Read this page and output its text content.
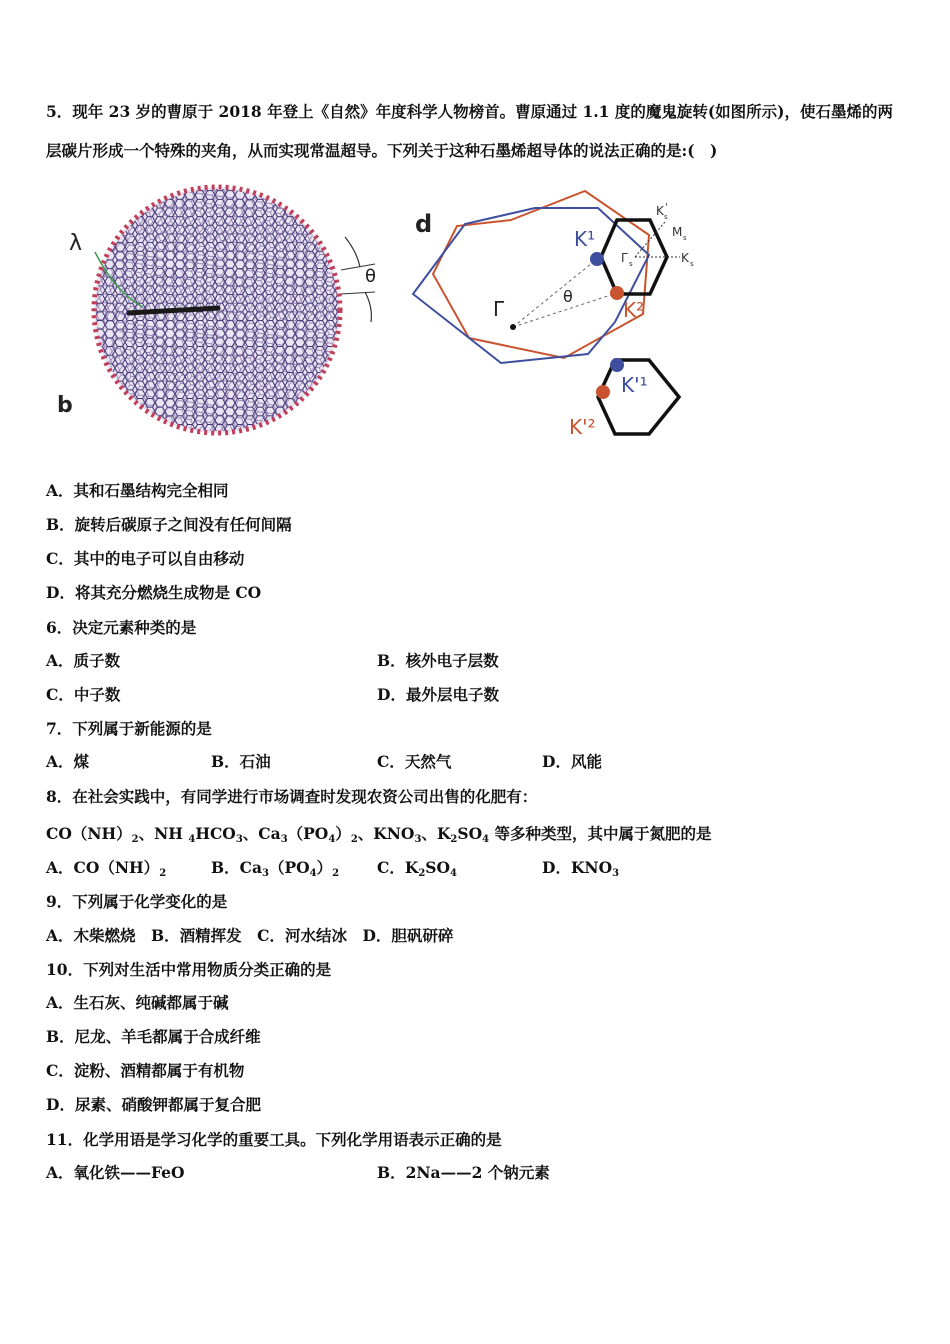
5．现年 23 岁的曹原于 2018 年登上《自然》年度科学人物榜首。曹原通过 1.1 度的魔鬼旋转(如图所示)，使石墨烯的两
层碳片形成一个特殊的夹角，从而实现常温超导。下列关于这种石墨烯超导体的说法正确的是:(　)
λ
b
θ
d
Γ
θ
K¹
K²
K'¹
K'²
K s
'
M s
Γ s	K s
A．其和石墨结构完全相同
B．旋转后碳原子之间没有任何间隔
C．其中的电子可以自由移动
D．将其充分燃烧生成物是 CO
6．决定元素种类的是
A．质子数	B．核外电子层数
C．中子数	D．最外层电子数
7．下列属于新能源的是
A．煤	B．石油	C．天然气	D．风能
8．在社会实践中，有同学进行市场调查时发现农资公司出售的化肥有：
$CO(NH)_2$、NH $_4HCO_3$、$Ca_3(PO_4)_2$、$KNO_3$、$K_2SO_4$ 等多种类型，其中属于氮肥的是
A．$CO(NH)_2$	B．$Ca_3(PO_4)_2$ C．$K_2SO_4$	D．$KNO_3$
9．下列属于化学变化的是
A．木柴燃烧　B．酒精挥发　C．河水结冰　D．胆矾研碎
10．下列对生活中常用物质分类正确的是
A．生石灰、纯碱都属于碱
B．尼龙、羊毛都属于合成纤维
C．淀粉、酒精都属于有机物
D．尿素、硝酸钾都属于复合肥
11．化学用语是学习化学的重要工具。下列化学用语表示正确的是
A．氧化铁——FeO	B．2Na——2 个钠元素
